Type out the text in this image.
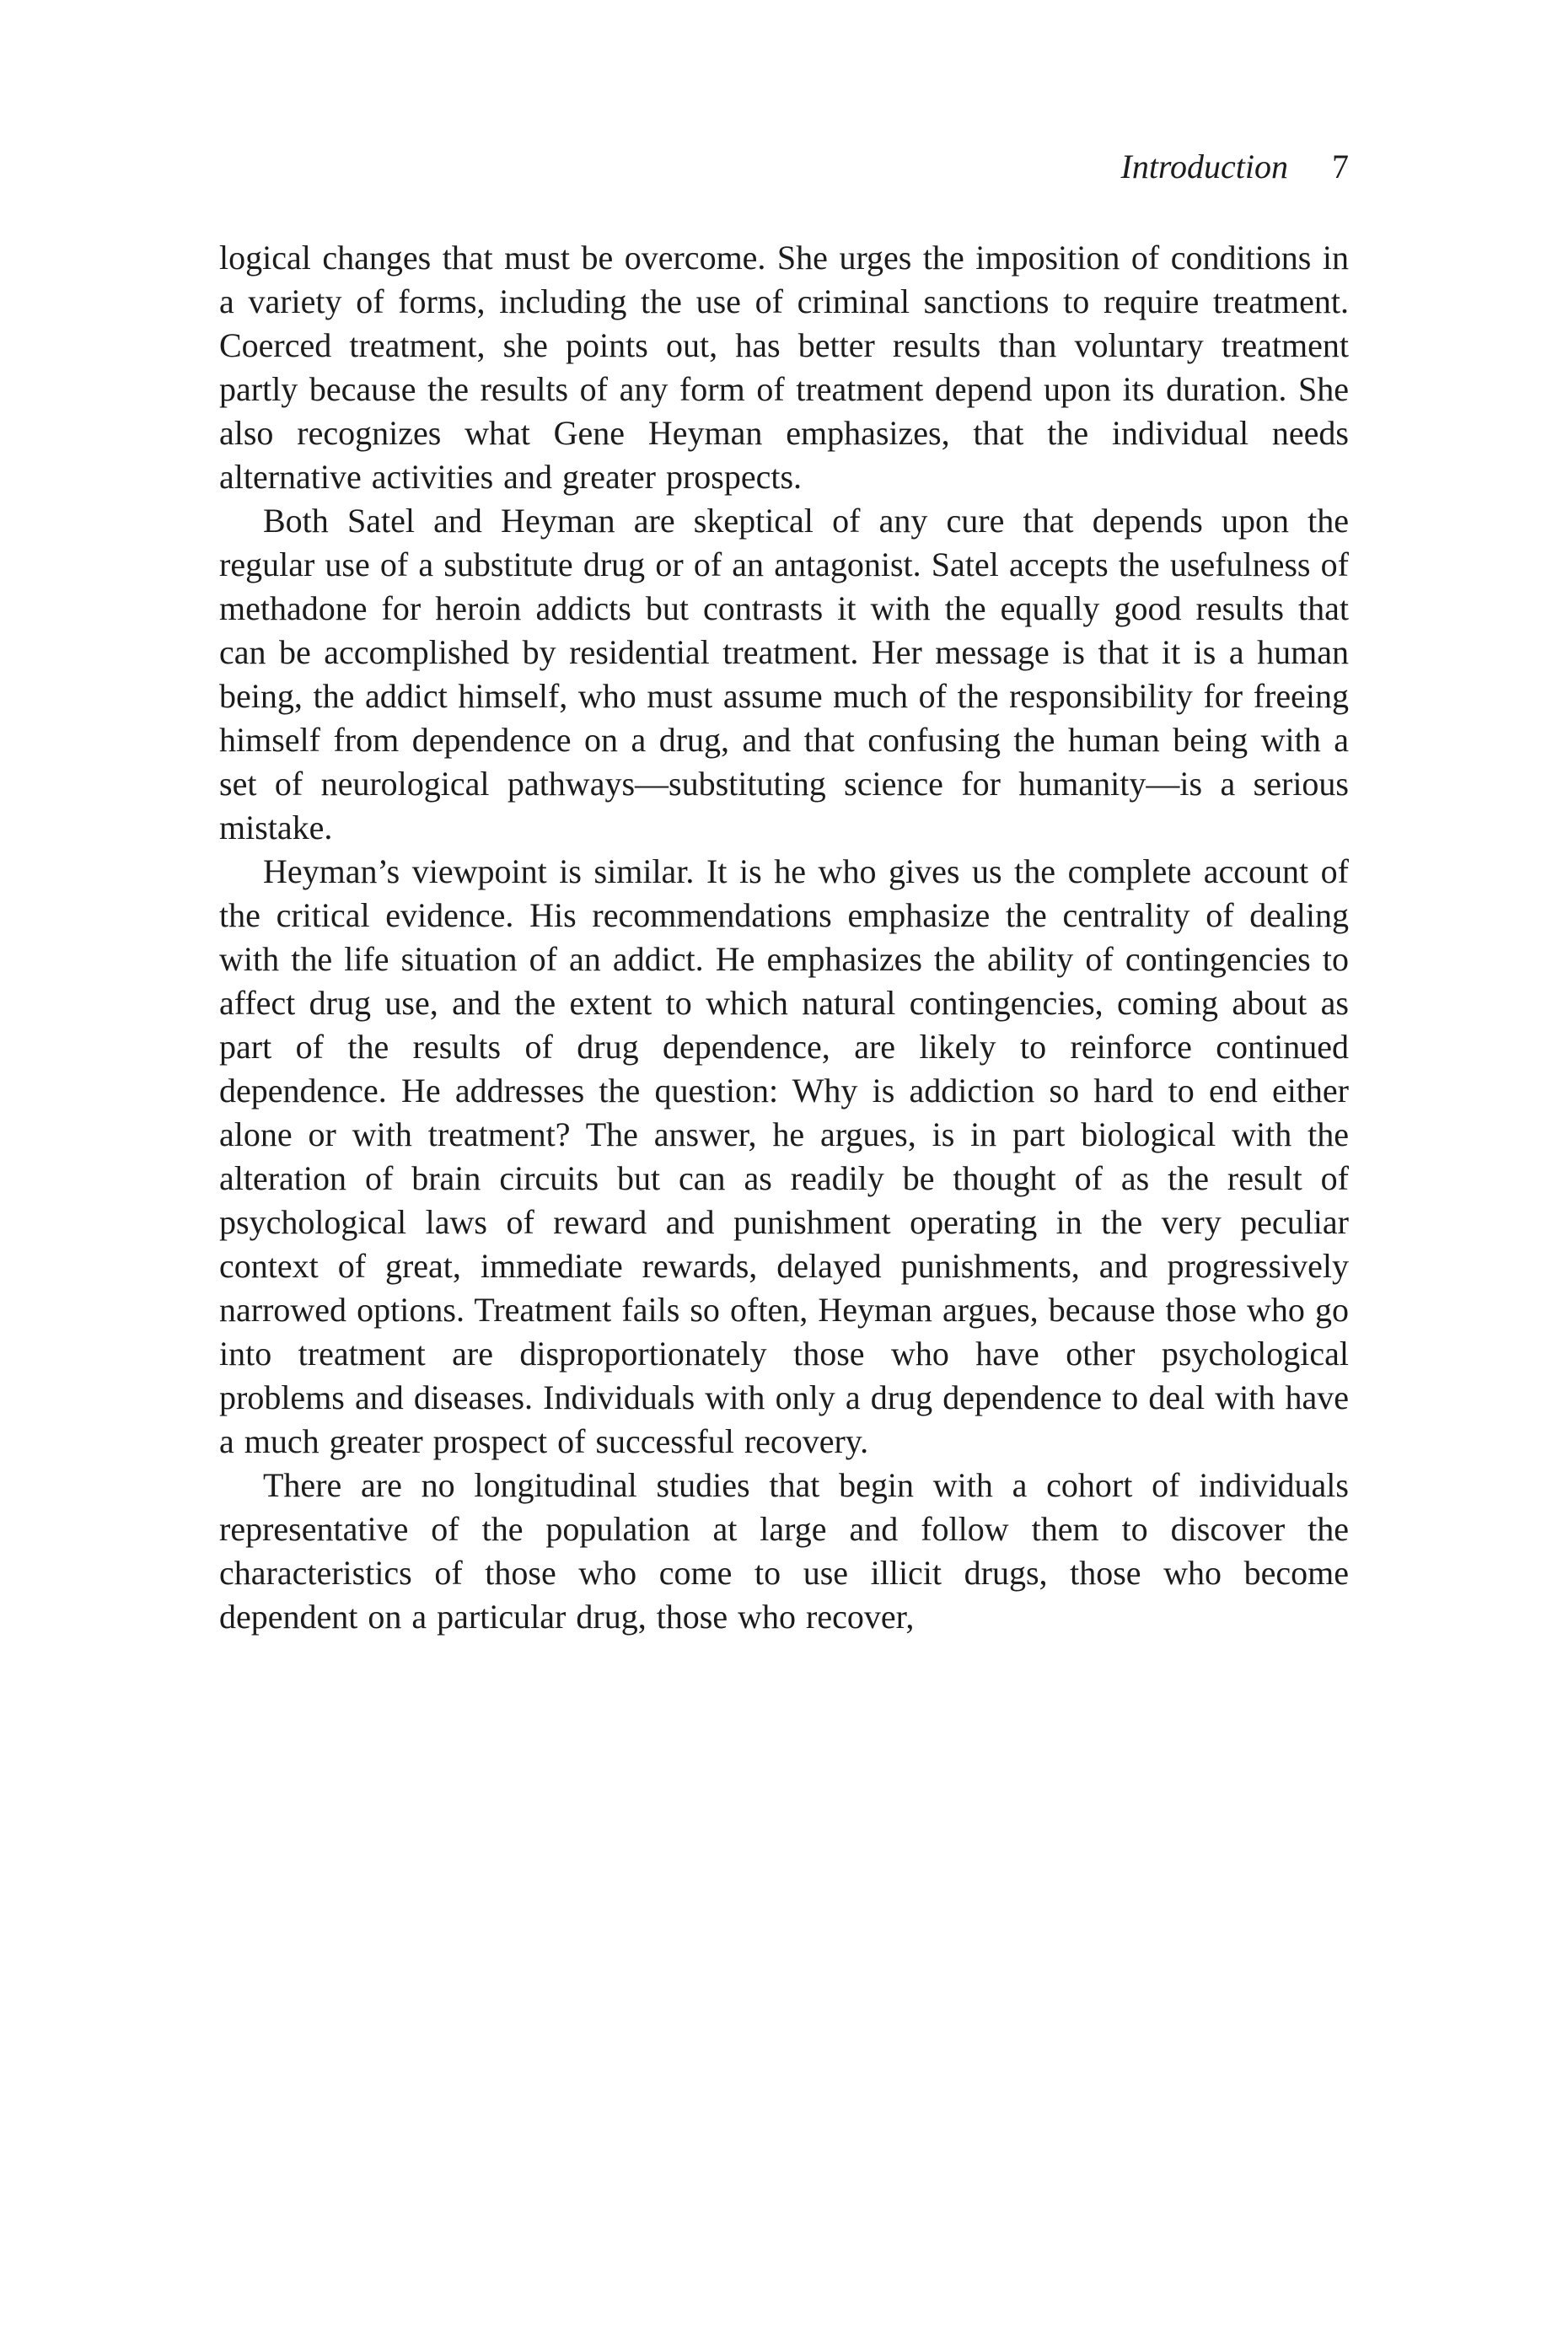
Introduction 7

logical changes that must be overcome. She urges the imposition of conditions in a variety of forms, including the use of criminal sanctions to require treatment. Coerced treatment, she points out, has better results than voluntary treatment partly because the results of any form of treatment depend upon its duration. She also recognizes what Gene Heyman emphasizes, that the individual needs alternative activities and greater prospects.

Both Satel and Heyman are skeptical of any cure that depends upon the regular use of a substitute drug or of an antagonist. Satel accepts the usefulness of methadone for heroin addicts but contrasts it with the equally good results that can be accomplished by residential treatment. Her message is that it is a human being, the addict himself, who must assume much of the responsibility for freeing himself from dependence on a drug, and that confusing the human being with a set of neurological pathways—substituting science for humanity—is a serious mistake.

Heyman’s viewpoint is similar. It is he who gives us the complete account of the critical evidence. His recommendations emphasize the centrality of dealing with the life situation of an addict. He emphasizes the ability of contingencies to affect drug use, and the extent to which natural contingencies, coming about as part of the results of drug dependence, are likely to reinforce continued dependence. He addresses the question: Why is addiction so hard to end either alone or with treatment? The answer, he argues, is in part biological with the alteration of brain circuits but can as readily be thought of as the result of psychological laws of reward and punishment operating in the very peculiar context of great, immediate rewards, delayed punishments, and progressively narrowed options. Treatment fails so often, Heyman argues, because those who go into treatment are disproportionately those who have other psychological problems and diseases. Individuals with only a drug dependence to deal with have a much greater prospect of successful recovery.

There are no longitudinal studies that begin with a cohort of individuals representative of the population at large and follow them to discover the characteristics of those who come to use illicit drugs, those who become dependent on a particular drug, those who recover,
